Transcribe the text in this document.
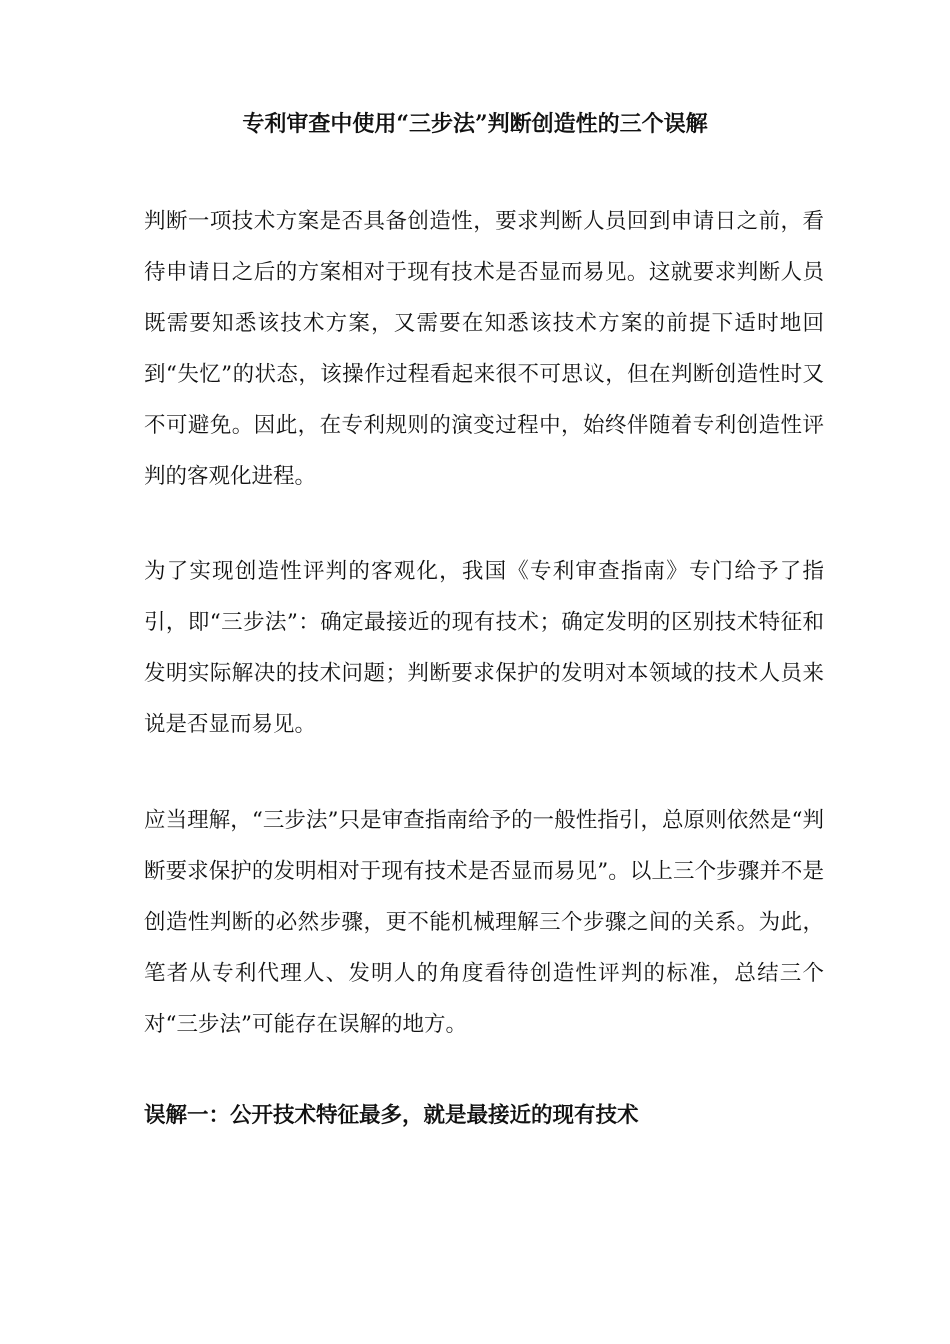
专利审查中使用“三步法”判断创造性的三个误解

判断一项技术方案是否具备创造性，要求判断人员回到申请日之前，看待申请日之后的方案相对于现有技术是否显而易见。这就要求判断人员既需要知悉该技术方案，又需要在知悉该技术方案的前提下适时地回到“失忆”的状态，该操作过程看起来很不可思议，但在判断创造性时又不可避免。因此，在专利规则的演变过程中，始终伴随着专利创造性评判的客观化进程。

为了实现创造性评判的客观化，我国《专利审查指南》专门给予了指引，即“三步法”：确定最接近的现有技术；确定发明的区别技术特征和发明实际解决的技术问题；判断要求保护的发明对本领域的技术人员来说是否显而易见。

应当理解，“三步法”只是审查指南给予的一般性指引，总原则依然是“判断要求保护的发明相对于现有技术是否显而易见”。以上三个步骤并不是创造性判断的必然步骤，更不能机械理解三个步骤之间的关系。为此，笔者从专利代理人、发明人的角度看待创造性评判的标准，总结三个对“三步法”可能存在误解的地方。

误解一：公开技术特征最多，就是最接近的现有技术
